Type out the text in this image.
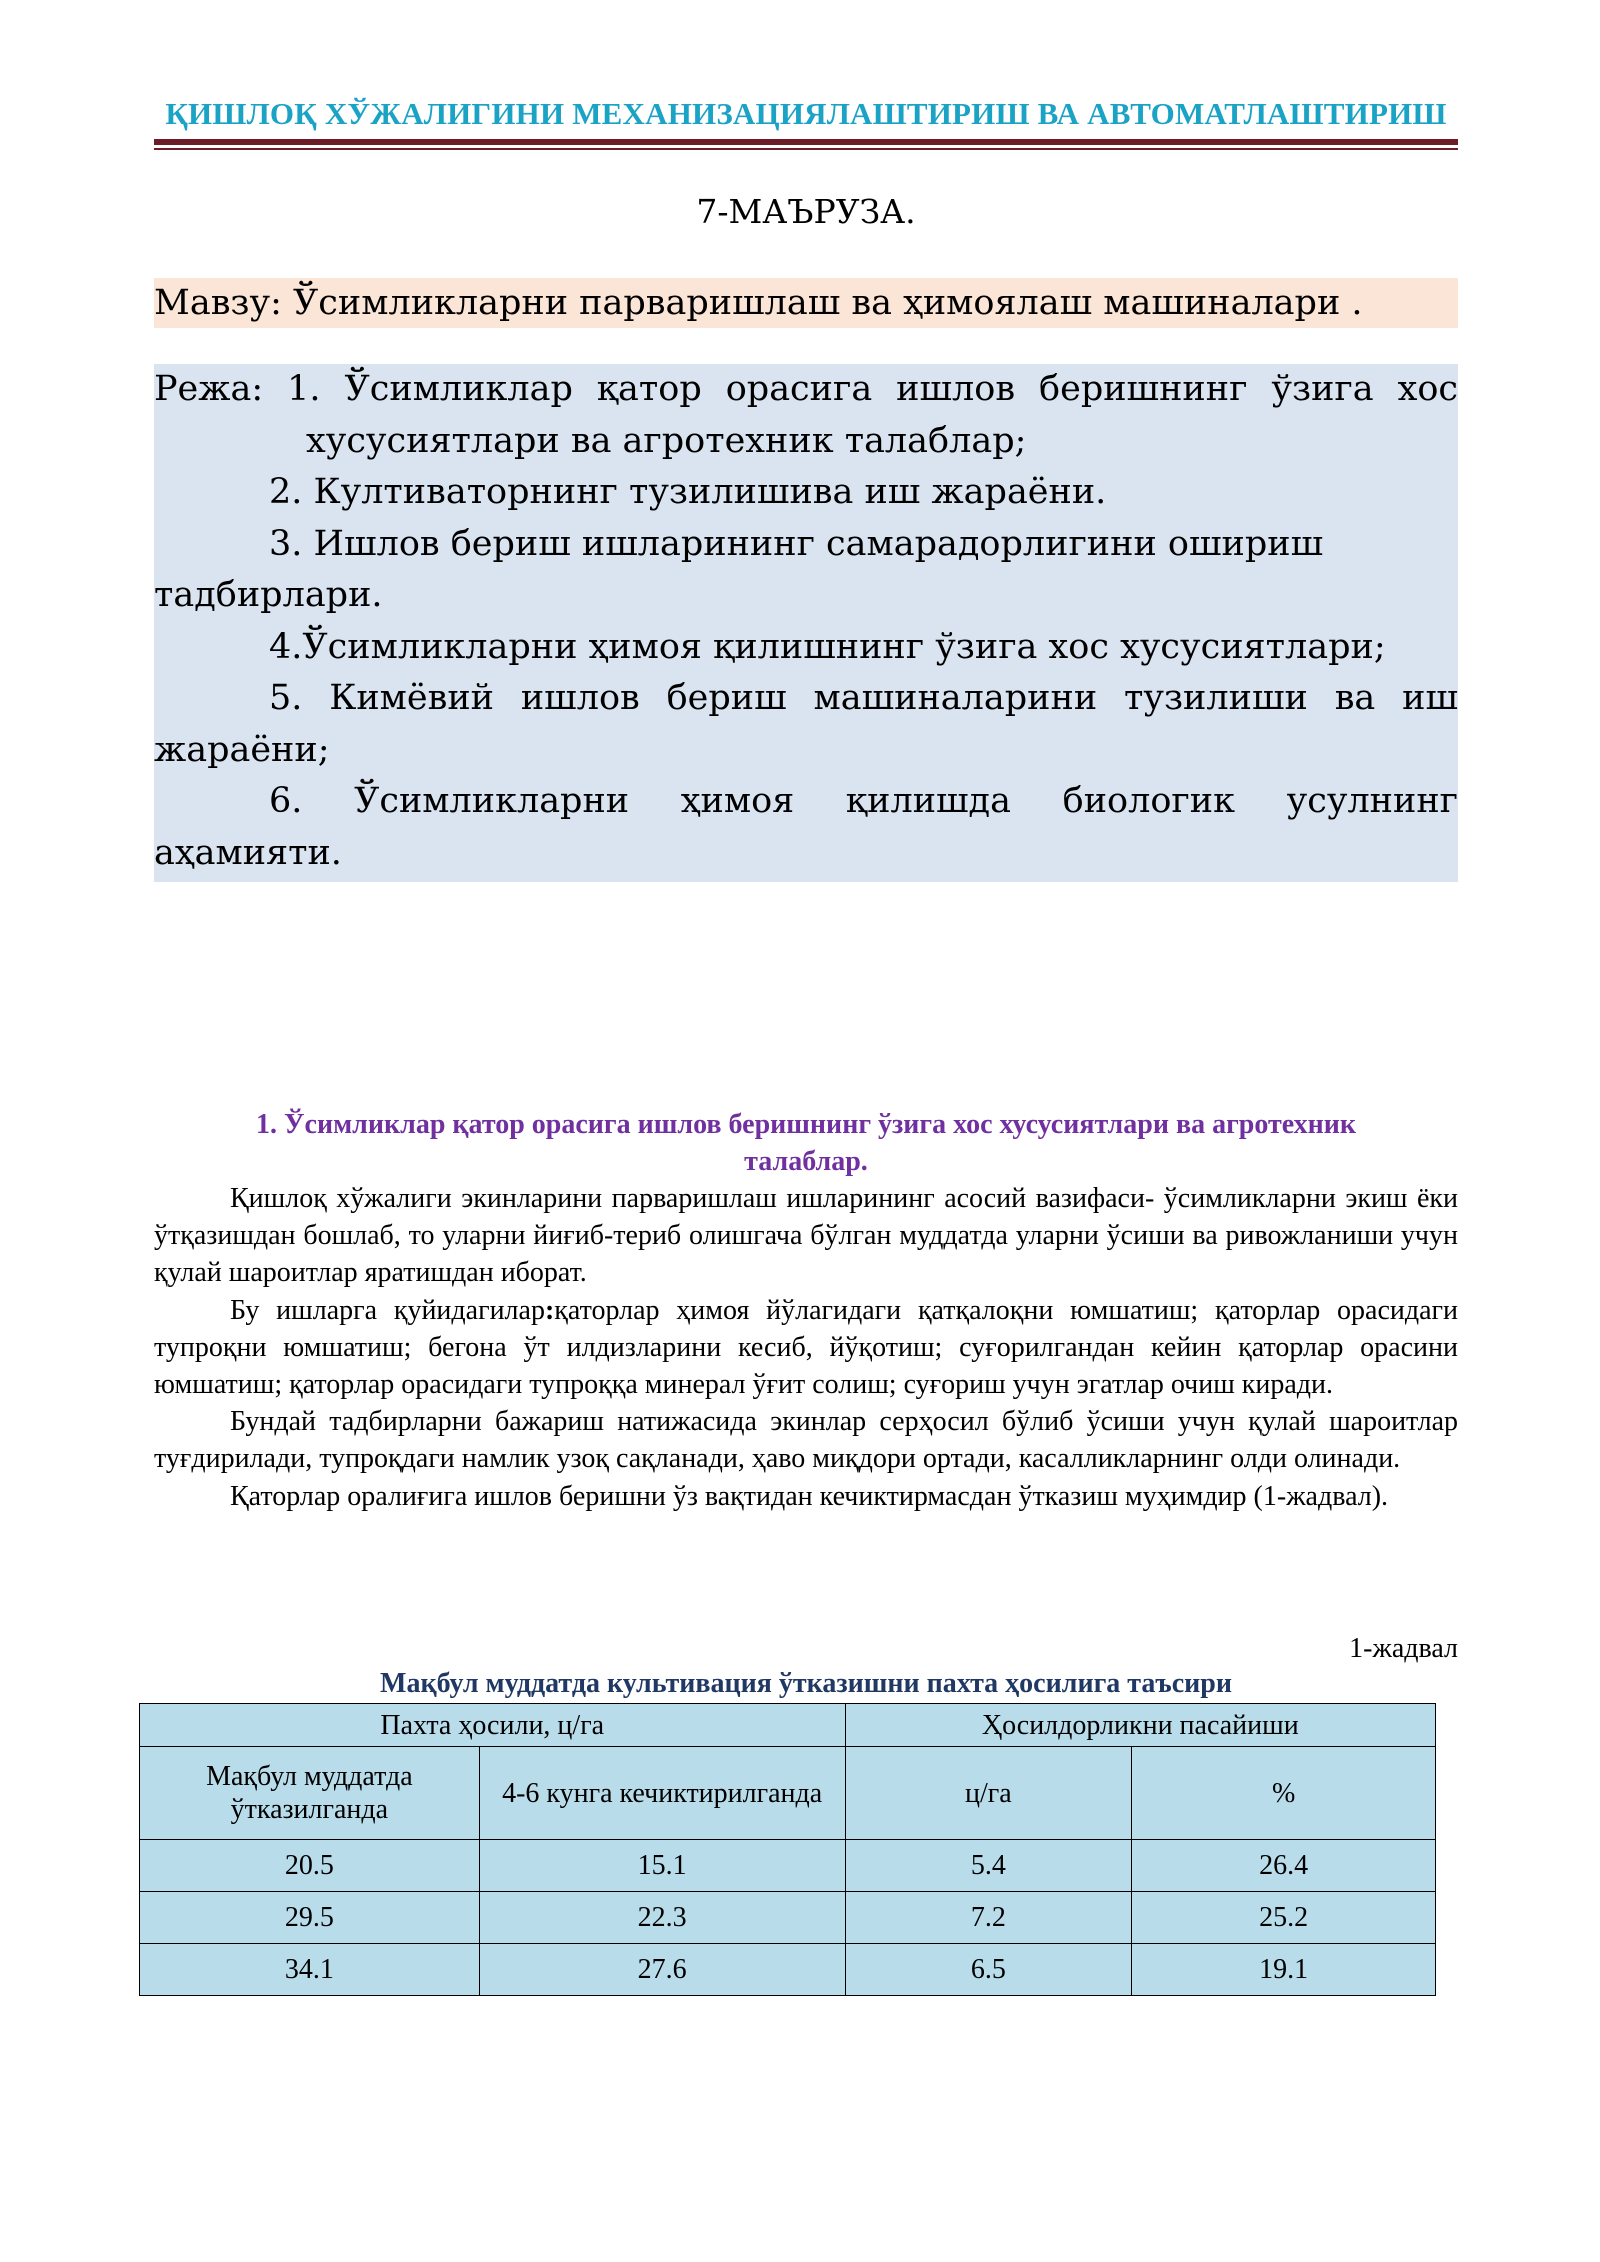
ҚИШЛОҚ ХЎЖАЛИГИНИ МЕХАНИЗАЦИЯЛАШТИРИШ ВА АВТОМАТЛАШТИРИШ
7-МАЪРУЗА.
Мавзу: Ўсимликларни парваришлаш ва ҳимоялаш машиналари .
Режа: 1. Ўсимликлар қатор орасига ишлов беришнинг ўзига хос
хусусиятлари ва агротехник талаблар;
2. Култиваторнинг тузилишива иш жараёни.
3. Ишлов бериш ишларининг самарадорлигини ошириш
тадбирлари.
4.Ўсимликларни ҳимоя қилишнинг ўзига хос хусусиятлари;
5. Кимёвий ишлов бериш машиналарини тузилиши ва иш
жараёни;
6. Ўсимликларни ҳимоя қилишда биологик усулнинг
аҳамияти.
1. Ўсимликлар қатор орасига ишлов беришнинг ўзига хос хусусиятлари ва агротехник
талаблар.

Қишлоқ хўжалиги экинларини парваришлаш ишларининг асосий вазифаси- ўсимликларни экиш ёки ўтқазишдан бошлаб, то уларни йиғиб-териб олишгача бўлган муддатда уларни ўсиши ва ривожланиши учун қулай шароитлар яратишдан иборат.

Бу ишларга қуйидагилар:қаторлар ҳимоя йўлагидаги қатқалоқни юмшатиш; қаторлар орасидаги тупроқни юмшатиш; бегона ўт илдизларини кесиб, йўқотиш; суғорилгандан кейин қаторлар орасини юмшатиш; қаторлар орасидаги тупроққа минерал ўғит солиш; суғориш учун эгатлар очиш киради.

Бундай тадбирларни бажариш натижасида экинлар серҳосил бўлиб ўсиши учун қулай шароитлар туғдирилади, тупроқдаги намлик узоқ сақланади, ҳаво миқдори ортади, касалликларнинг олди олинади.

Қаторлар оралиғига ишлов беришни ўз вақтидан кечиктирмасдан ўтказиш муҳимдир (1-жадвал).

1-жадвал
Мақбул муддатда культивация ўтказишни пахта ҳосилига таъсири
Пахта ҳосили, ц/га		Ҳосилдорликни пасайиши	
Мақбул муддатда ўтказилганда	4-6 кунга кечиктирилганда	ц/га	%
20.5	15.1	5.4	26.4
29.5	22.3	7.2	25.2
34.1	27.6	6.5	19.1
